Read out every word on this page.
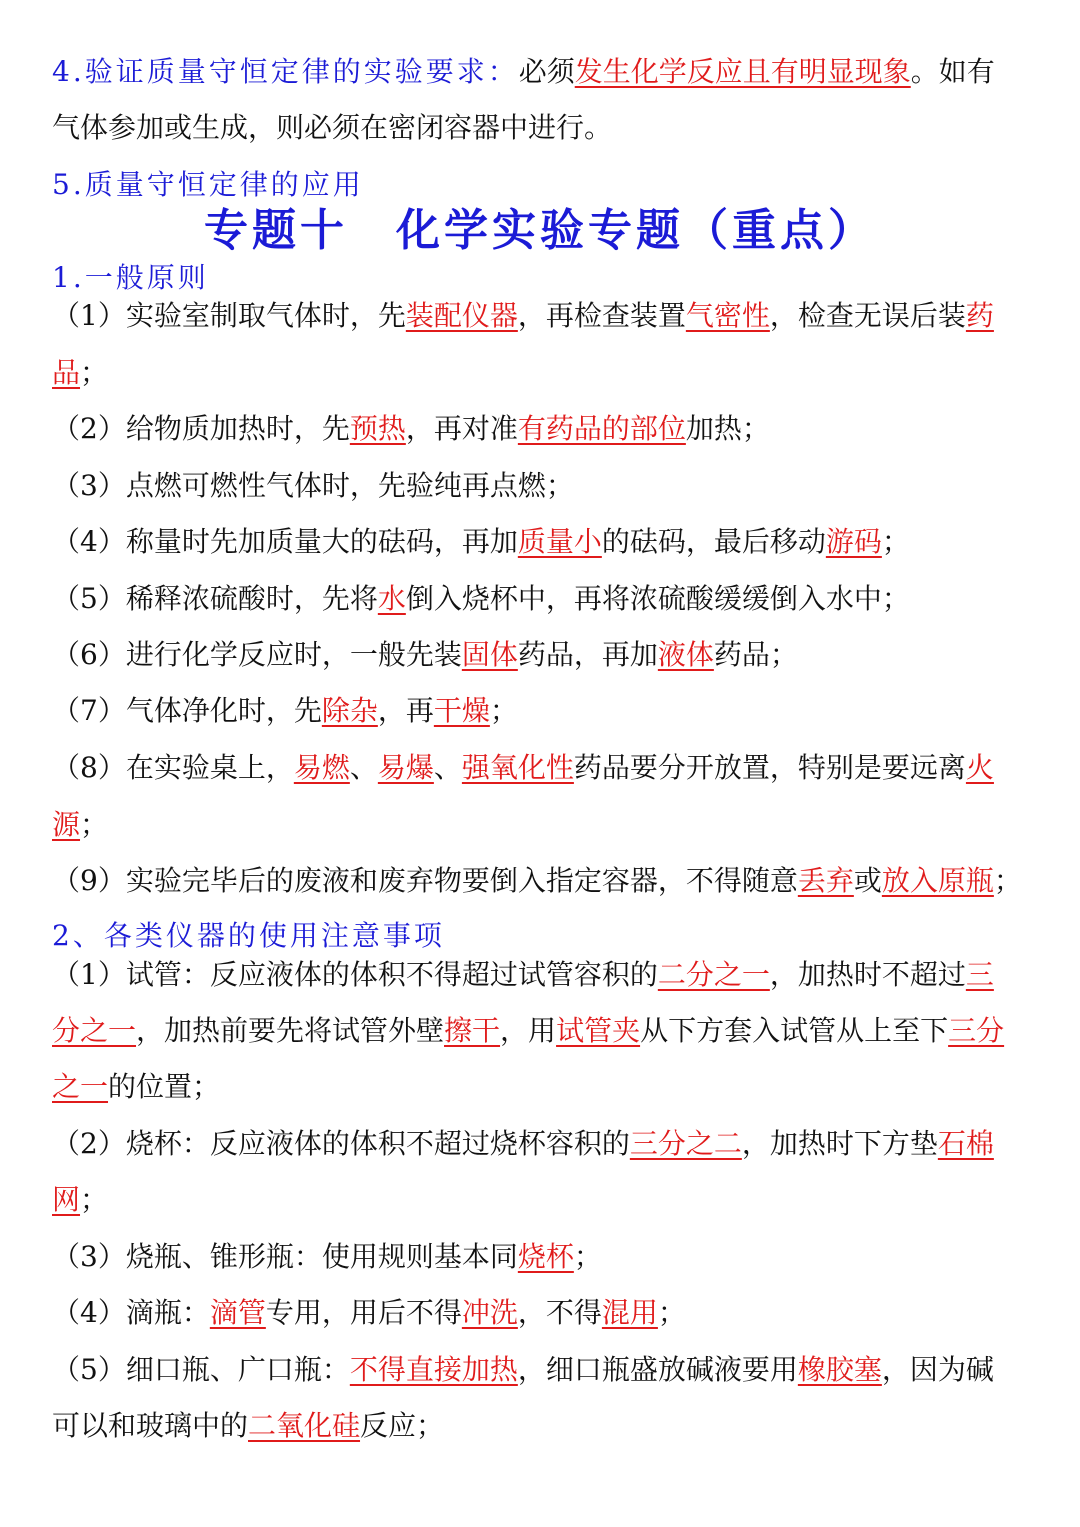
4.验证质量守恒定律的实验要求：必须发生化学反应且有明显现象。如有
气体参加或生成，则必须在密闭容器中进行。
5.质量守恒定律的应用
专题十　化学实验专题（重点）
1.一般原则
（1）实验室制取气体时，先装配仪器，再检查装置气密性，检查无误后装药
品；
（2）给物质加热时，先预热，再对准有药品的部位加热；
（3）点燃可燃性气体时，先验纯再点燃；
（4）称量时先加质量大的砝码，再加质量小的砝码，最后移动游码；
（5）稀释浓硫酸时，先将水倒入烧杯中，再将浓硫酸缓缓倒入水中；
（6）进行化学反应时，一般先装固体药品，再加液体药品；
（7）气体净化时，先除杂，再干燥；
（8）在实验桌上，易燃、易爆、强氧化性药品要分开放置，特别是要远离火
源；
（9）实验完毕后的废液和废弃物要倒入指定容器，不得随意丢弃或放入原瓶；
2、各类仪器的使用注意事项
（1）试管：反应液体的体积不得超过试管容积的二分之一，加热时不超过三
分之一，加热前要先将试管外壁擦干，用试管夹从下方套入试管从上至下三分
之一的位置；
（2）烧杯：反应液体的体积不超过烧杯容积的三分之二，加热时下方垫石棉
网；
（3）烧瓶、锥形瓶：使用规则基本同烧杯；
（4）滴瓶：滴管专用，用后不得冲洗，不得混用；
（5）细口瓶、广口瓶：不得直接加热，细口瓶盛放碱液要用橡胶塞，因为碱
可以和玻璃中的二氧化硅反应；
